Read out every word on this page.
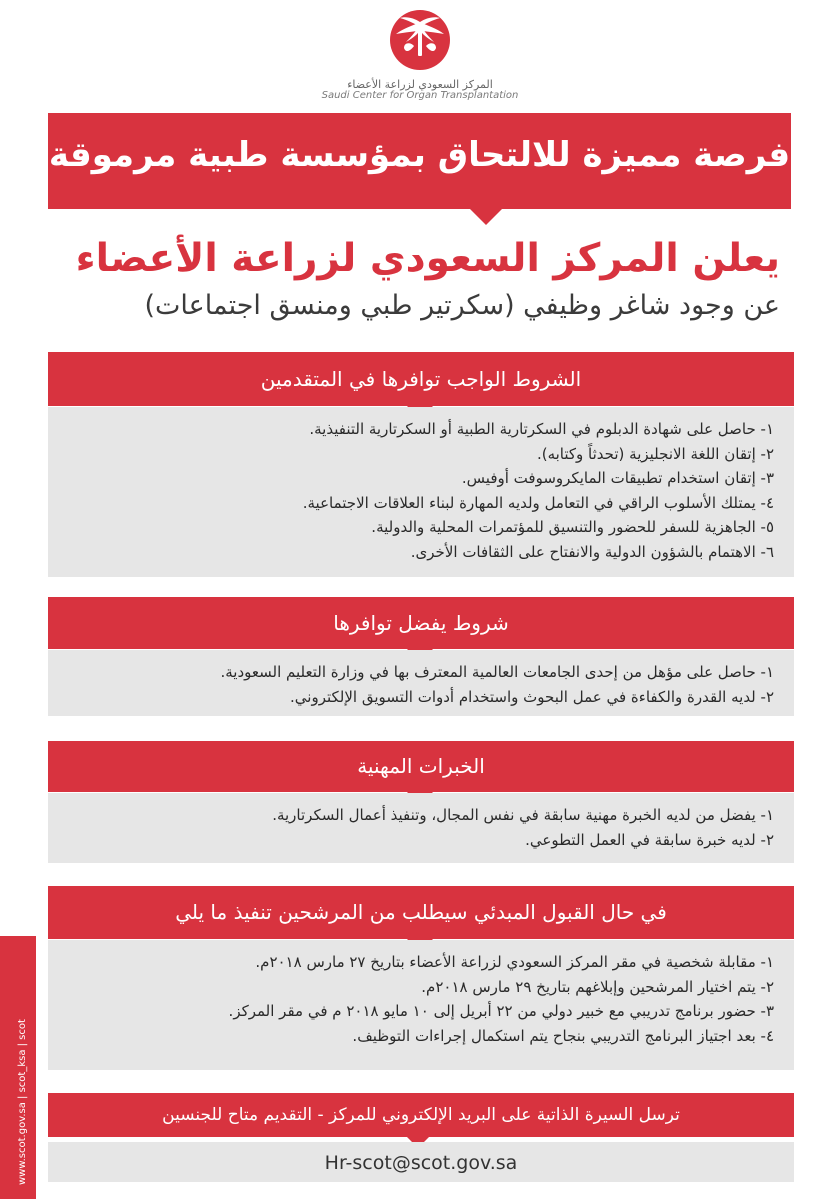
المركز السعودي لزراعة الأعضاء
Saudi Center for Organ Transplantation
فرصة مميزة للالتحاق بمؤسسة طبية مرموقة
يعلن المركز السعودي لزراعة الأعضاء
عن وجود شاغر وظيفي (سكرتير طبي ومنسق اجتماعات)
الشروط الواجب توافرها في المتقدمين
١- حاصل على شهادة الدبلوم في السكرتارية الطبية أو السكرتارية التنفيذية.
٢- إتقان اللغة الانجليزية (تحدثاً وكتابه).
٣- إتقان استخدام تطبيقات المايكروسوفت أوفيس.
٤- يمتلك الأسلوب الراقي في التعامل ولديه المهارة لبناء العلاقات الاجتماعية.
٥- الجاهزية للسفر للحضور والتنسيق للمؤتمرات المحلية والدولية.
٦- الاهتمام بالشؤون الدولية والانفتاح على الثقافات الأخرى.
شروط يفضل توافرها
١- حاصل على مؤهل من إحدى الجامعات العالمية المعترف بها في وزارة التعليم السعودية.
٢- لديه القدرة والكفاءة في عمل البحوث واستخدام أدوات التسويق الإلكتروني.
الخبرات المهنية
١- يفضل من لديه الخبرة مهنية سابقة في نفس المجال، وتنفيذ أعمال السكرتارية.
٢- لديه خبرة سابقة في العمل التطوعي.
في حال القبول المبدئي سيطلب من المرشحين تنفيذ ما يلي
١- مقابلة شخصية في مقر المركز السعودي لزراعة الأعضاء بتاريخ ٢٧ مارس ٢٠١٨م.
٢- يتم اختيار المرشحين وإبلاغهم بتاريخ ٢٩ مارس ٢٠١٨م.
٣- حضور برنامج تدريبي مع خبير دولي من ٢٢ أبريل إلى ١٠ مايو ٢٠١٨ م في مقر المركز.
٤- بعد اجتياز البرنامج التدريبي بنجاح يتم استكمال إجراءات التوظيف.
ترسل السيرة الذاتية على البريد الإلكتروني للمركز - التقديم متاح للجنسين
Hr-scot@scot.gov.sa
www.scot.gov.sa | scot_ksa | scot
